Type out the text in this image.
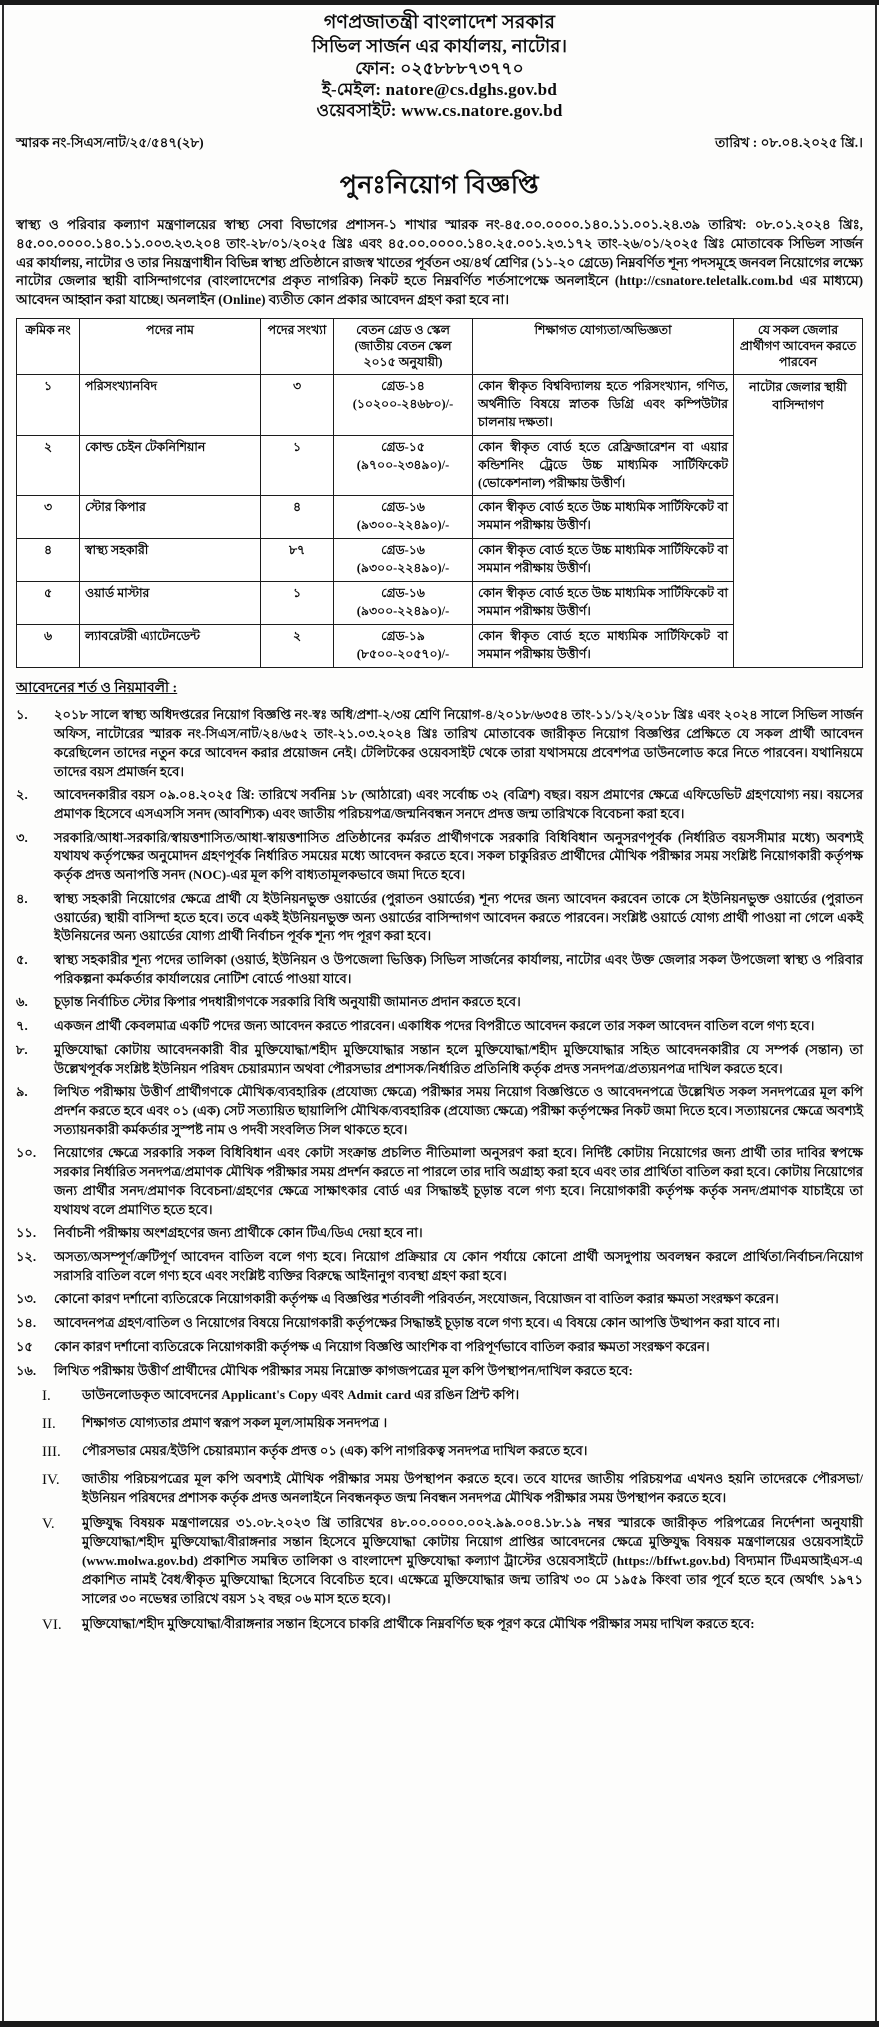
গণপ্রজাতন্ত্রী বাংলাদেশ সরকার
সিভিল সার্জন এর কার্যালয়, নাটোর।
ফোন: ০২৫৮৮৮৭৩৭৭০
ই-মেইল: natore@cs.dghs.gov.bd
ওয়েবসাইট: www.cs.natore.gov.bd
স্মারক নং-সিএস/নাট/২৫/৫৪৭(২৮)	তারিখ : ০৮.০৪.২০২৫ খ্রি.।
পুনঃনিয়োগ বিজ্ঞপ্তি
স্বাস্থ্য ও পরিবার কল্যাণ মন্ত্রণালয়ের স্বাস্থ্য সেবা বিভাগের প্রশাসন-১ শাখার স্মারক নং-৪৫.০০.০০০০.১৪০.১১.০০১.২৪.৩৯ তারিখ: ০৮.০১.২০২৪ খ্রিঃ, ৪৫.০০.০০০০.১৪০.১১.০০৩.২৩.২০৪ তাং-২৮/০১/২০২৫ খ্রিঃ এবং ৪৫.০০.০০০০.১৪০.২৫.০০১.২৩.১৭২ তাং-২৬/০১/২০২৫ খ্রিঃ মোতাবেক সিভিল সার্জন এর কার্যালয়, নাটোর ও তার নিয়ন্ত্রণাধীন বিভিন্ন স্বাস্থ্য প্রতিষ্ঠানে রাজস্ব খাতের পূর্বতন ৩য়/৪র্থ শ্রেণির (১১-২০ গ্রেডে) নিম্নবর্ণিত শূন্য পদসমূহে জনবল নিয়োগের লক্ষ্যে নাটোর জেলার স্থায়ী বাসিন্দাগণের (বাংলাদেশের প্রকৃত নাগরিক) নিকট হতে নিম্নবর্ণিত শর্তসাপেক্ষে অনলাইনে (http://csnatore.teletalk.com.bd এর মাধ্যমে) আবেদন আহ্বান করা যাচ্ছে। অনলাইন (Online) ব্যতীত কোন প্রকার আবেদন গ্রহণ করা হবে না।
ক্রমিক নং	পদের নাম	পদের সংখ্যা	বেতন গ্রেড ও স্কেল (জাতীয় বেতন স্কেল ২০১৫ অনুযায়ী)	শিক্ষাগত যোগ্যতা/অভিজ্ঞতা	যে সকল জেলার প্রার্থীগণ আবেদন করতে পারবেন
১	পরিসংখ্যানবিদ	৩	গ্রেড-১৪
(১০২০০-২৪৬৮০)/-	কোন স্বীকৃত বিশ্ববিদ্যালয় হতে পরিসংখ্যান, গণিত, অর্থনীতি বিষয়ে স্নাতক ডিগ্রি এবং কম্পিউটার চালনায় দক্ষতা।	নাটোর জেলার স্থায়ী বাসিন্দাগণ
২	কোল্ড চেইন টেকনিশিয়ান	১	গ্রেড-১৫
(৯৭০০-২৩৪৯০)/-	কোন স্বীকৃত বোর্ড হতে রেফ্রিজারেশন বা এয়ার কন্ডিশনিং ট্রেডে উচ্চ মাধ্যমিক সার্টিফিকেট (ভোকেশনাল) পরীক্ষায় উত্তীর্ণ।	
৩	স্টোর কিপার	৪	গ্রেড-১৬
(৯৩০০-২২৪৯০)/-	কোন স্বীকৃত বোর্ড হতে উচ্চ মাধ্যমিক সার্টিফিকেট বা সমমান পরীক্ষায় উত্তীর্ণ।	
৪	স্বাস্থ্য সহকারী	৮৭	গ্রেড-১৬
(৯৩০০-২২৪৯০)/-	কোন স্বীকৃত বোর্ড হতে উচ্চ মাধ্যমিক সার্টিফিকেট বা সমমান পরীক্ষায় উত্তীর্ণ।	
৫	ওয়ার্ড মাস্টার	১	গ্রেড-১৬
(৯৩০০-২২৪৯০)/-	কোন স্বীকৃত বোর্ড হতে উচ্চ মাধ্যমিক সার্টিফিকেট বা সমমান পরীক্ষায় উত্তীর্ণ।	
৬	ল্যাবরেটরী এ্যাটেনডেন্ট	২	গ্রেড-১৯
(৮৫০০-২০৫৭০)/-	কোন স্বীকৃত বোর্ড হতে মাধ্যমিক সার্টিফিকেট বা সমমান পরীক্ষায় উত্তীর্ণ।	
আবেদনের শর্ত ও নিয়মাবলী :
১.	২০১৮ সালে স্বাস্থ্য অধিদপ্তরের নিয়োগ বিজ্ঞপ্তি নং-স্বঃ অধি/প্রশা-২/৩য় শ্রেণি নিয়োগ-৪/২০১৮/৬৩৫৪ তাং-১১/১২/২০১৮ খ্রিঃ এবং ২০২৪ সালে সিভিল সার্জন অফিস, নাটোরের স্মারক নং-সিএস/নাট/২৪/৬৫২ তাং-২১.০৩.২০২৪ খ্রিঃ তারিখ মোতাবেক জারীকৃত নিয়োগ বিজ্ঞপ্তির প্রেক্ষিতে যে সকল প্রার্থী আবেদন করেছিলেন তাদের নতুন করে আবেদন করার প্রয়োজন নেই। টেলিটকের ওয়েবসাইট থেকে তারা যথাসময়ে প্রবেশপত্র ডাউনলোড করে নিতে পারবেন। যথানিয়মে তাদের বয়স প্রমার্জন হবে।
২.	আবেদনকারীর বয়স ০৯.০৪.২০২৫ খ্রি: তারিখে সর্বনিম্ন ১৮ (আঠারো) এবং সর্বোচ্চ ৩২ (বত্রিশ) বছর। বয়স প্রমাণের ক্ষেত্রে এফিডেভিট গ্রহণযোগ্য নয়। বয়সের প্রমাণক হিসেবে এসএসসি সনদ (আবশ্যিক) এবং জাতীয় পরিচয়পত্র/জন্মনিবন্ধন সনদে প্রদত্ত জন্ম তারিখকে বিবেচনা করা হবে।
৩.	সরকারি/আধা-সরকারি/স্বায়ত্তশাসিত/আধা-স্বায়ত্তশাসিত প্রতিষ্ঠানের কর্মরত প্রার্থীগণকে সরকারি বিধিবিধান অনুসরণপূর্বক (নির্ধারিত বয়সসীমার মধ্যে) অবশ্যই যথাযথ কর্তৃপক্ষের অনুমোদন গ্রহণপূর্বক নির্ধারিত সময়ের মধ্যে আবেদন করতে হবে। সকল চাকুরিরত প্রার্থীদের মৌখিক পরীক্ষার সময় সংশ্লিষ্ট নিয়োগকারী কর্তৃপক্ষ কর্তৃক প্রদত্ত অনাপত্তি সনদ (NOC)-এর মূল কপি বাধ্যতামূলকভাবে জমা দিতে হবে।
৪.	স্বাস্থ্য সহকারী নিয়োগের ক্ষেত্রে প্রার্থী যে ইউনিয়নভুক্ত ওয়ার্ডের (পুরাতন ওয়ার্ডের) শূন্য পদের জন্য আবেদন করবেন তাকে সে ইউনিয়নভুক্ত ওয়ার্ডের (পুরাতন ওয়ার্ডের) স্থায়ী বাসিন্দা হতে হবে। তবে একই ইউনিয়নভুক্ত অন্য ওয়ার্ডের বাসিন্দাগণ আবেদন করতে পারবেন। সংশ্লিষ্ট ওয়ার্ডে যোগ্য প্রার্থী পাওয়া না গেলে একই ইউনিয়নের অন্য ওয়ার্ডের যোগ্য প্রার্থী নির্বাচন পূর্বক শূন্য পদ পূরণ করা হবে।
৫.	স্বাস্থ্য সহকারীর শূন্য পদের তালিকা (ওয়ার্ড, ইউনিয়ন ও উপজেলা ভিত্তিক) সিভিল সার্জনের কার্যালয়, নাটোর এবং উক্ত জেলার সকল উপজেলা স্বাস্থ্য ও পরিবার পরিকল্পনা কর্মকর্তার কার্যালয়ের নোটিশ বোর্ডে পাওয়া যাবে।
৬.	চূড়ান্ত নির্বাচিত স্টোর কিপার পদধারীগণকে সরকারি বিধি অনুযায়ী জামানত প্রদান করতে হবে।
৭.	একজন প্রার্থী কেবলমাত্র একটি পদের জন্য আবেদন করতে পারবেন। একাধিক পদের বিপরীতে আবেদন করলে তার সকল আবেদন বাতিল বলে গণ্য হবে।
৮.	মুক্তিযোদ্ধা কোটায় আবেদনকারী বীর মুক্তিযোদ্ধা/শহীদ মুক্তিযোদ্ধার সন্তান হলে মুক্তিযোদ্ধা/শহীদ মুক্তিযোদ্ধার সহিত আবেদনকারীর যে সম্পর্ক (সন্তান) তা উল্লেখপূর্বক সংশ্লিষ্ট ইউনিয়ন পরিষদ চেয়ারম্যান অথবা পৌরসভার প্রশাসক/নির্ধারিত প্রতিনিধি কর্তৃক প্রদত্ত সনদপত্র/প্রত্যয়নপত্র দাখিল করতে হবে।
৯.	লিখিত পরীক্ষায় উত্তীর্ণ প্রার্থীগণকে মৌখিক/ব্যবহারিক (প্রযোজ্য ক্ষেত্রে) পরীক্ষার সময় নিয়োগ বিজ্ঞপ্তিতে ও আবেদনপত্রে উল্লেখিত সকল সনদপত্রের মূল কপি প্রদর্শন করতে হবে এবং ০১ (এক) সেট সত্যায়িত ছায়ালিপি মৌখিক/ব্যবহারিক (প্রযোজ্য ক্ষেত্রে) পরীক্ষা কর্তৃপক্ষের নিকট জমা দিতে হবে। সত্যায়নের ক্ষেত্রে অবশ্যই সত্যায়নকারী কর্মকর্তার সুস্পষ্ট নাম ও পদবী সংবলিত সিল থাকতে হবে।
১০.	নিয়োগের ক্ষেত্রে সরকারি সকল বিধিবিধান এবং কোটা সংক্রান্ত প্রচলিত নীতিমালা অনুসরণ করা হবে। নির্দিষ্ট কোটায় নিয়োগের জন্য প্রার্থী তার দাবির স্বপক্ষে সরকার নির্ধারিত সনদপত্র/প্রমাণক মৌখিক পরীক্ষার সময় প্রদর্শন করতে না পারলে তার দাবি অগ্রাহ্য করা হবে এবং তার প্রার্থিতা বাতিল করা হবে। কোটায় নিয়োগের জন্য প্রার্থীর সনদ/প্রমাণক বিবেচনা/গ্রহণের ক্ষেত্রে সাক্ষাৎকার বোর্ড এর সিদ্ধান্তই চূড়ান্ত বলে গণ্য হবে। নিয়োগকারী কর্তৃপক্ষ কর্তৃক সনদ/প্রমাণক যাচাইয়ে তা যথাযথ বলে প্রমাণিত হতে হবে।
১১.	নির্বাচনী পরীক্ষায় অংশগ্রহণের জন্য প্রার্থীকে কোন টিএ/ডিএ দেয়া হবে না।
১২.	অসত্য/অসম্পূর্ণ/ক্রটিপূর্ণ আবেদন বাতিল বলে গণ্য হবে। নিয়োগ প্রক্রিয়ার যে কোন পর্যায়ে কোনো প্রার্থী অসদুপায় অবলম্বন করলে প্রার্থিতা/নির্বাচন/নিয়োগ সরাসরি বাতিল বলে গণ্য হবে এবং সংশ্লিষ্ট ব্যক্তির বিরুদ্ধে আইনানুগ ব্যবস্থা গ্রহণ করা হবে।
১৩.	কোনো কারণ দর্শানো ব্যতিরেকে নিয়োগকারী কর্তৃপক্ষ এ বিজ্ঞপ্তির শর্তাবলী পরিবর্তন, সংযোজন, বিয়োজন বা বাতিল করার ক্ষমতা সংরক্ষণ করেন।
১৪.	আবেদনপত্র গ্রহণ/বাতিল ও নিয়োগের বিষয়ে নিয়োগকারী কর্তৃপক্ষের সিদ্ধান্তই চূড়ান্ত বলে গণ্য হবে। এ বিষয়ে কোন আপত্তি উত্থাপন করা যাবে না।
১৫	কোন কারণ দর্শানো ব্যতিরেকে নিয়োগকারী কর্তৃপক্ষ এ নিয়োগ বিজ্ঞপ্তি আংশিক বা পরিপূর্ণভাবে বাতিল করার ক্ষমতা সংরক্ষণ করেন।
১৬.	লিখিত পরীক্ষায় উত্তীর্ণ প্রার্থীদের মৌখিক পরীক্ষার সময় নিম্নোক্ত কাগজপত্রের মূল কপি উপস্থাপন/দাখিল করতে হবে:
I.	ডাউনলোডকৃত আবেদনের Applicant's Copy এবং Admit card এর রঙিন প্রিন্ট কপি।
II.	শিক্ষাগত যোগ্যতার প্রমাণ স্বরূপ সকল মূল/সাময়িক সনদপত্র ।
III.	পৌরসভার মেয়র/ইউপি চেয়ারম্যান কর্তৃক প্রদত্ত ০১ (এক) কপি নাগরিকত্ব সনদপত্র দাখিল করতে হবে।
IV.	জাতীয় পরিচয়পত্রের মূল কপি অবশ্যই মৌখিক পরীক্ষার সময় উপস্থাপন করতে হবে। তবে যাদের জাতীয় পরিচয়পত্র এখনও হয়নি তাদেরকে পৌরসভা/ইউনিয়ন পরিষদের প্রশাসক কর্তৃক প্রদত্ত অনলাইনে নিবন্ধনকৃত জন্ম নিবন্ধন সনদপত্র মৌখিক পরীক্ষার সময় উপস্থাপন করতে হবে।
V.	মুক্তিযুদ্ধ বিষয়ক মন্ত্রণালয়ের ৩১.০৮.২০২৩ খ্রি তারিখের ৪৮.০০.০০০০.০০২.৯৯.০০৪.১৮.১৯ নম্বর স্মারকে জারীকৃত পরিপত্রের নির্দেশনা অনুযায়ী মুক্তিযোদ্ধা/শহীদ মুক্তিযোদ্ধা/বীরাঙ্গনার সন্তান হিসেবে মুক্তিযোদ্ধা কোটায় নিয়োগ প্রাপ্তির আবেদনের ক্ষেত্রে মুক্তিযুদ্ধ বিষয়ক মন্ত্রণালয়ের ওয়েবসাইটে (www.molwa.gov.bd) প্রকাশিত সমন্বিত তালিকা ও বাংলাদেশ মুক্তিযোদ্ধা কল্যাণ ট্রাস্টের ওয়েবসাইটে (https://bffwt.gov.bd) বিদ্যমান টিএমআইএস-এ প্রকাশিত নামই বৈধ/স্বীকৃত মুক্তিযোদ্ধা হিসেবে বিবেচিত হবে। এক্ষেত্রে মুক্তিযোদ্ধার জন্ম তারিখ ৩০ মে ১৯৫৯ কিংবা তার পূর্বে হতে হবে (অর্থাৎ ১৯৭১ সালের ৩০ নভেম্বর তারিখে বয়স ১২ বছর ০৬ মাস হতে হবে)।
VI.	মুক্তিযোদ্ধা/শহীদ মুক্তিযোদ্ধা/বীরাঙ্গনার সন্তান হিসেবে চাকরি প্রার্থীকে নিম্নবর্ণিত ছক পূরণ করে মৌখিক পরীক্ষার সময় দাখিল করতে হবে:
